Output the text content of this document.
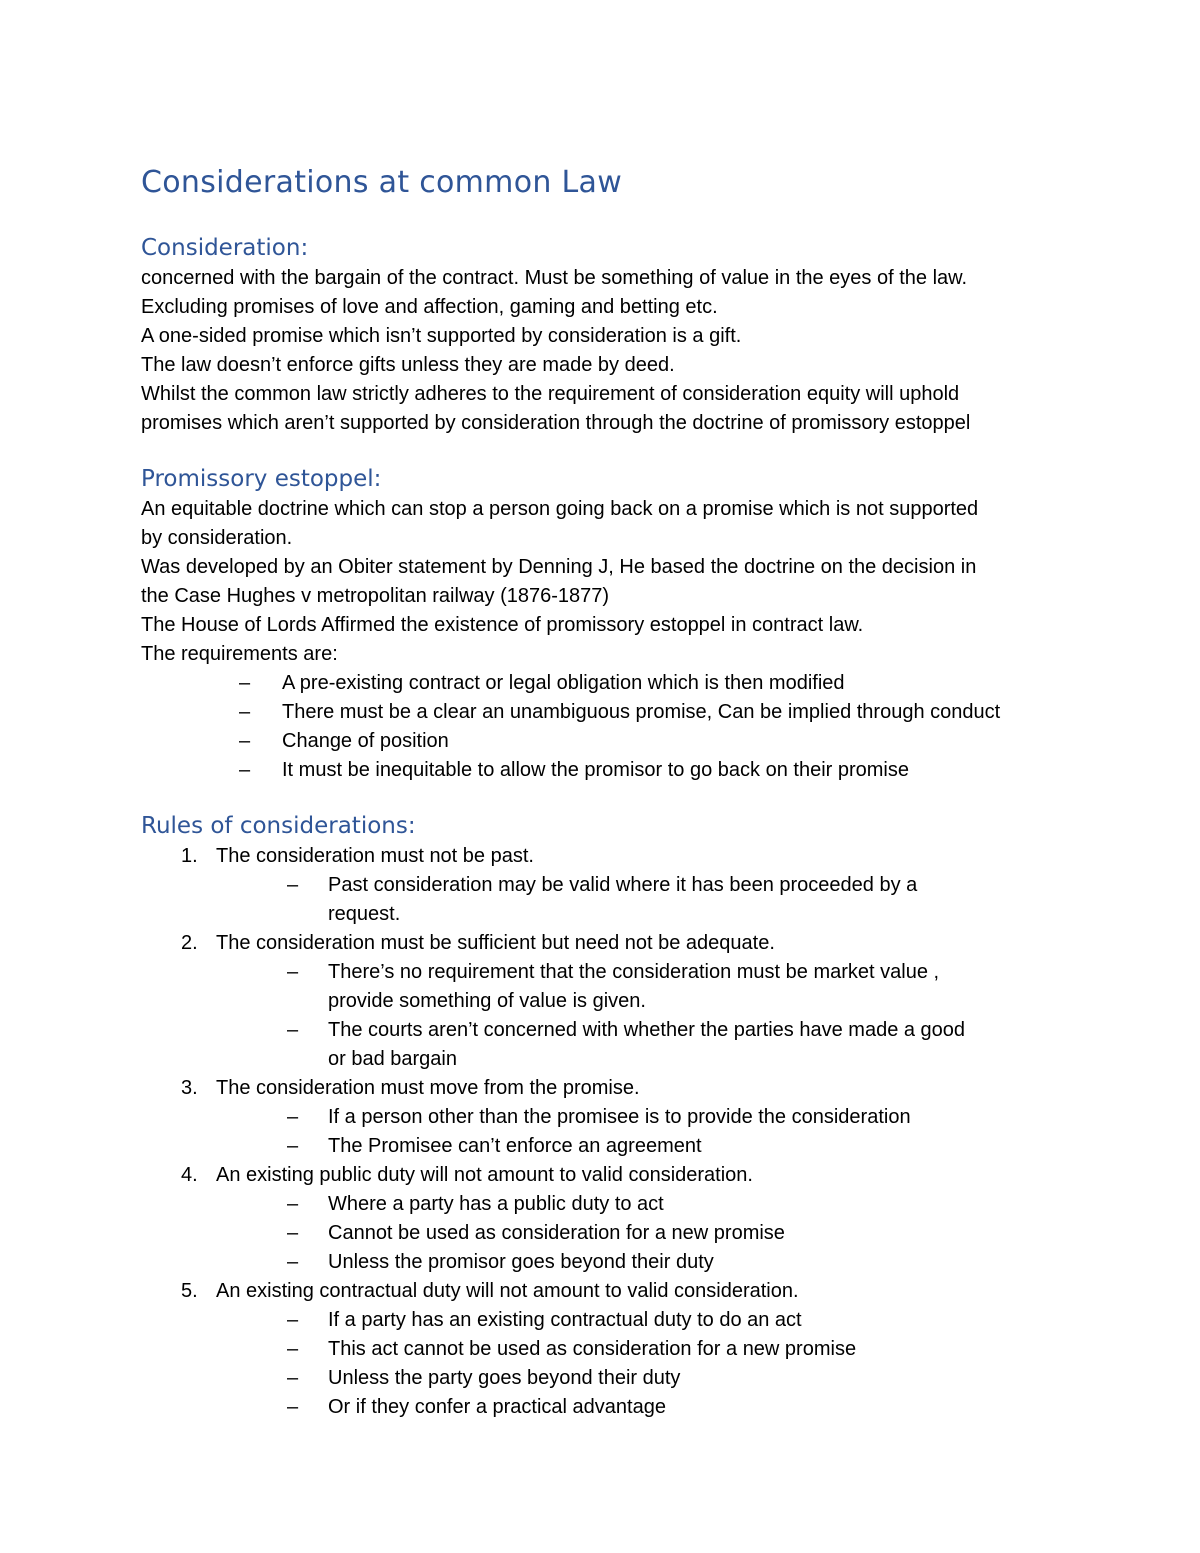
Considerations at common Law
Consideration:

concerned with the bargain of the contract. Must be something of value in the eyes of the law.

Excluding promises of love and affection, gaming and betting etc.

A one-sided promise which isn’t supported by consideration is a gift.

The law doesn’t enforce gifts unless they are made by deed.

Whilst the common law strictly adheres to the requirement of consideration equity will uphold

promises which aren’t supported by consideration through the doctrine of promissory estoppel

Promissory estoppel:

An equitable doctrine which can stop a person going back on a promise which is not supported

by consideration.

Was developed by an Obiter statement by Denning J, He based the doctrine on the decision in

the Case Hughes v metropolitan railway (1876-1877)

The House of Lords Affirmed the existence of promissory estoppel in contract law.

The requirements are:

– A pre-existing contract or legal obligation which is then modified
– There must be a clear an unambiguous promise, Can be implied through conduct
– Change of position
– It must be inequitable to allow the promisor to go back on their promise
Rules of considerations:
1. The consideration must not be past.
– Past consideration may be valid where it has been proceeded by a request.
2. The consideration must be sufficient but need not be adequate.
– There’s no requirement that the consideration must be market value , provide something of value is given.
– The courts aren’t concerned with whether the parties have made a good or bad bargain
3. The consideration must move from the promise.
– If a person other than the promisee is to provide the consideration
– The Promisee can’t enforce an agreement
4. An existing public duty will not amount to valid consideration.
– Where a party has a public duty to act
– Cannot be used as consideration for a new promise
– Unless the promisor goes beyond their duty
5. An existing contractual duty will not amount to valid consideration.
– If a party has an existing contractual duty to do an act
– This act cannot be used as consideration for a new promise
– Unless the party goes beyond their duty
– Or if they confer a practical advantage
